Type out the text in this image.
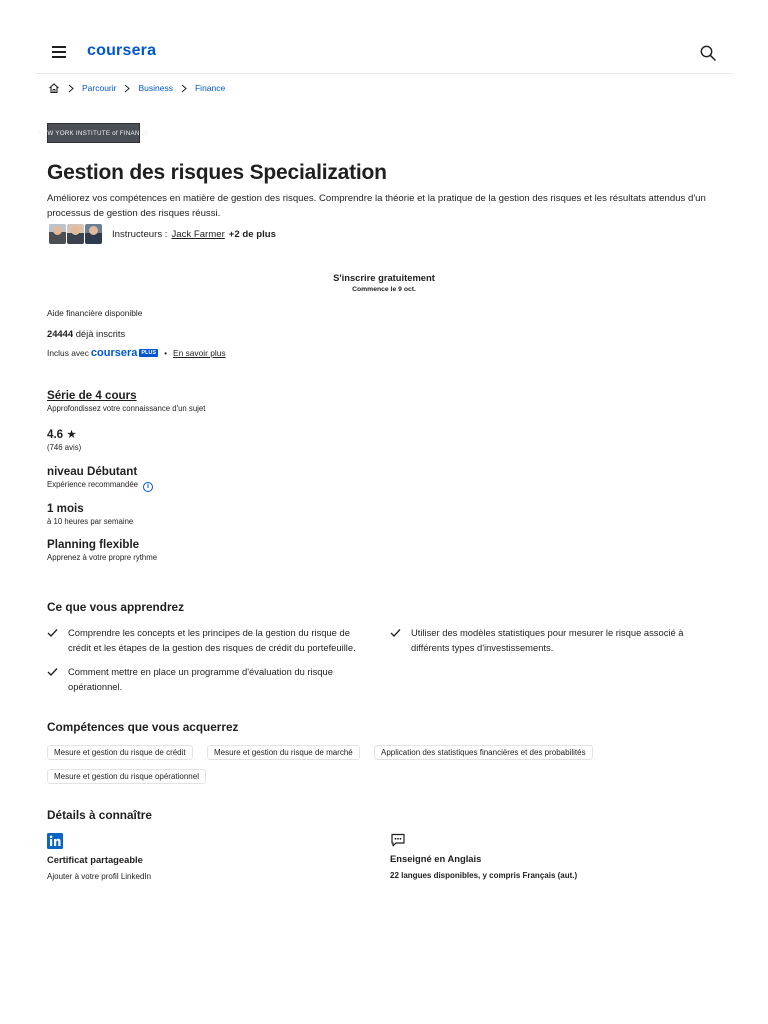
coursera
Parcourir	Business	Finance
NEW YORK INSTITUTE of FINANCE
Gestion des risques Specialization

Améliorez vos compétences en matière de gestion des risques. Comprendre la théorie et la pratique de la gestion des risques et les résultats attendus d'un processus de gestion des risques réussi.

Instructeurs : Jack Farmer +2 de plus
S'inscrire gratuitement
Commence le 9 oct.
Aide financière disponible
24444 déjà inscrits
Inclus avec coursera PLUS • En savoir plus
Série de 4 cours
Approfondissez votre connaissance d'un sujet
4.6 ★
(746 avis)
niveau Débutant
Expérience recommandée i
1 mois
à 10 heures par semaine
Planning flexible
Apprenez à votre propre rythme
Ce que vous apprendrez
Comprendre les concepts et les principes de la gestion du risque de crédit et les étapes de la gestion des risques de crédit du portefeuille.
Utiliser des modèles statistiques pour mesurer le risque associé à différents types d'investissements.
Comment mettre en place un programme d'évaluation du risque opérationnel.
Compétences que vous acquerrez
Mesure et gestion du risque de crédit	Mesure et gestion du risque de marché	Application des statistiques financières et des probabilités
Mesure et gestion du risque opérationnel
Détails à connaître
Certificat partageable
Ajouter à votre profil LinkedIn
Enseigné en Anglais
22 langues disponibles, y compris Français (aut.)
